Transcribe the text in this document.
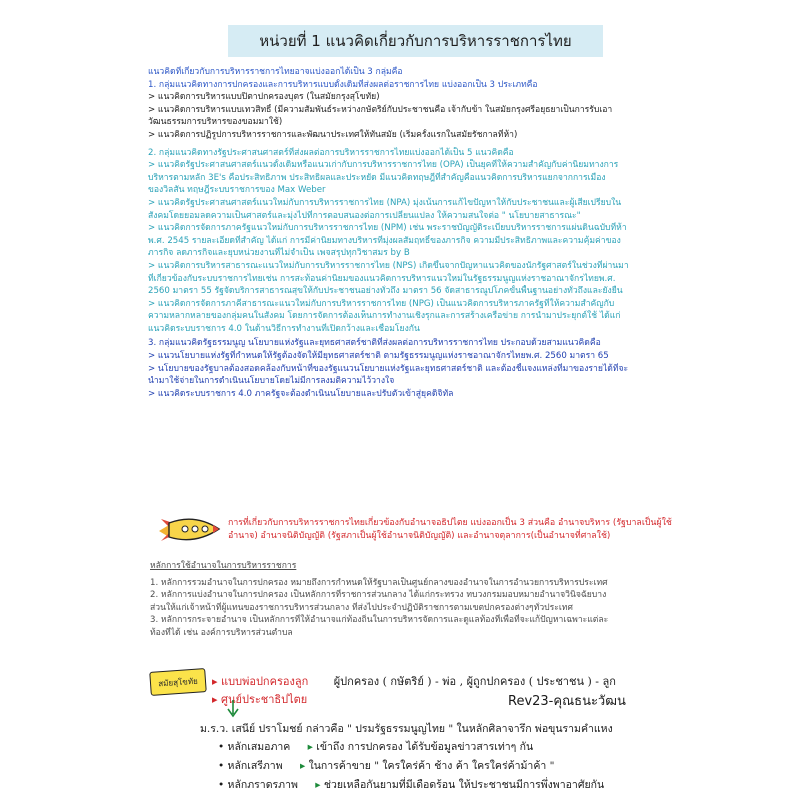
หน่วยที่ 1 แนวคิดเกี่ยวกับการบริหารราชการไทย
แนวคิดที่เกี่ยวกับการบริหารราชการไทยอาจแบ่งออกได้เป็น 3 กลุ่มคือ
1. กลุ่มแนวคิดทางการปกครองและการบริหารแบบดั้งเดิมที่ส่งผลต่อราชการไทย แบ่งออกเป็น 3 ประเภทคือ
> แนวคิดการบริหารแบบปิตาปกครองบุตร (ในสมัยกรุงสุโขทัย)
> แนวคิดการบริหารแบบเทวสิทธิ์ (มีความสัมพันธ์ระหว่างกษัตริย์กับประชาชนคือ เจ้ากับข้า ในสมัยกรุงศรีอยุธยาเป็นการรับเอา
วัฒนธรรมการบริหารของขอมมาใช้)
> แนวคิดการปฏิรูปการบริหารราชการและพัฒนาประเทศให้ทันสมัย (เริ่มครั้งแรกในสมัยรัชกาลที่ห้า)
2. กลุ่มแนวคิดทางรัฐประศาสนศาสตร์ที่ส่งผลต่อการบริหารราชการไทยแบ่งออกได้เป็น 5 แนวคิดคือ
> แนวคิดรัฐประศาสนศาสตร์แนวดั้งเดิมหรือแนวเก่ากับการบริหารราชการไทย (OPA) เป็นยุคที่ให้ความสำคัญกับค่านิยมทางการ
บริหารตามหลัก 3E's คือประสิทธิภาพ ประสิทธิผลและประหยัด มีแนวคิดทฤษฎีที่สำคัญคือแนวคิดการบริหารแยกจากการเมือง
ของวิลสัน ทฤษฎีระบบราชการของ Max Weber
> แนวคิดรัฐประศาสนศาสตร์แนวใหม่กับการบริหารราชการไทย (NPA) มุ่งเน้นการแก้ไขปัญหาให้กับประชาชนและผู้เสียเปรียบใน
สังคมโดยยอมลดความเป็นศาสตร์และมุ่งไปที่การตอบสนองต่อการเปลี่ยนแปลง ให้ความสนใจต่อ " นโยบายสาธารณะ"
> แนวคิดการจัดการภาครัฐแนวใหม่กับการบริหารราชการไทย (NPM) เช่น พระราชบัญญัติระเบียบบริหารราชการแผ่นดินฉบับที่ห้า
พ.ศ. 2545 รายละเอียดที่สำคัญ ได้แก่ การมีค่านิยมทางบริหารที่มุ่งผลสัมฤทธิ์ของภารกิจ ความมีประสิทธิภาพและความคุ้มค่าของ
ภารกิจ ลดภารกิจและยุบหน่วยงานที่ไม่จำเป็น เพจสรุปทุกวิชาสมร by B
> แนวคิดการบริหารสาธารณะแนวใหม่กับการบริหารราชการไทย (NPS) เกิดขึ้นจากปัญหาแนวคิดของนักรัฐศาสตร์ในช่วงที่ผ่านมา
ที่เกี่ยวข้องกับระบบราชการไทยเช่น การสะท้อนค่านิยมของแนวคิดการบริหารแนวใหม่ในรัฐธรรมนูญแห่งราชอาณาจักรไทยพ.ศ.
2560 มาตรา 55 รัฐจัดบริการสาธารณสุขให้กับประชาชนอย่างทั่วถึง มาตรา 56 จัดสาธารณูปโภคขั้นพื้นฐานอย่างทั่วถึงและยังยืน
> แนวคิดการจัดการภาคีสาธารณะแนวใหม่กับการบริหารราชการไทย (NPG) เป็นแนวคิดการบริหารภาครัฐที่ให้ความสำคัญกับ
ความหลากหลายของกลุ่มคนในสังคม โดยการจัดการต้องเห็นการทำงานเชิงรุกและการสร้างเครือข่าย การนำมาประยุกต์ใช้ ได้แก่
แนวคิดระบบราชการ 4.0 ในด้านวิธีการทำงานที่เปิดกว้างและเชื่อมโยงกัน
3. กลุ่มแนวคิดรัฐธรรมนูญ นโยบายแห่งรัฐและยุทธศาสตร์ชาติที่ส่งผลต่อการบริหารราชการไทย ประกอบด้วยสามแนวคิดคือ
> แนวนโยบายแห่งรัฐที่กำหนดให้รัฐต้องจัดให้มียุทธศาสตร์ชาติ ตามรัฐธรรมนูญแห่งราชอาณาจักรไทยพ.ศ. 2560 มาตรา 65
> นโยบายของรัฐบาลต้องสอดคล้องกับหน้าที่ของรัฐแนวนโยบายแห่งรัฐและยุทธศาสตร์ชาติ และต้องชี้แจงแหล่งที่มาของรายได้ที่จะ
นำมาใช้จ่ายในการดำเนินนโยบายโดยไม่มีการลงมติความไว้วางใจ
> แนวคิดระบบราชการ 4.0 ภาครัฐจะต้องดำเนินนโยบายและปรับตัวเข้าสู่ยุคดิจิทัล
การที่เกี่ยวกับการบริหารราชการไทยเกี่ยวข้องกับอำนาจอธิปไตย แบ่งออกเป็น 3 ส่วนคือ อำนาจบริหาร (รัฐบาลเป็นผู้ใช้อำนาจ) อำนาจนิติบัญญัติ (รัฐสภาเป็นผู้ใช้อำนาจนิติบัญญัติ) และอำนาจตุลาการ(เป็นอำนาจที่ศาลใช้)
หลักการใช้อำนาจในการบริหารราชการ
1. หลักการรวมอำนาจในการปกครอง หมายถึงการกำหนดให้รัฐบาลเป็นศูนย์กลางของอำนาจในการอำนวยการบริหารประเทศ
2. หลักการแบ่งอำนาจในการปกครอง เป็นหลักการที่ราชการส่วนกลาง ได้แก่กระทรวง ทบวงกรมมอบหมายอำนาจวินิจฉัยบาง
ส่วนให้แก่เจ้าหน้าที่ผู้แทนของราชการบริหารส่วนกลาง ที่ส่งไปประจำปฏิบัติราชการตามเขตปกครองต่างๆทั่วประเทศ
3. หลักการกระจายอำนาจ เป็นหลักการที่ให้อำนาจแก่ท้องถิ่นในการบริหารจัดการและดูแลท้องที่เพื่อที่จะแก้ปัญหาเฉพาะแต่ละ
ท้องที่ได้ เช่น องค์การบริหารส่วนตำบล
สมัยสุโขทัย ▸ แบบพ่อปกครองลูก ผู้ปกครอง ( กษัตริย์ ) - พ่อ , ผู้ถูกปกครอง ( ประชาชน ) - ลูก
▸ ศูนย์ประชาธิปไตย	Rev23-คุณธนะวัฒน
ม.ร.ว. เสนีย์ ปราโมชย์ กล่าวคือ " ปรมรัฐธรรมนูญไทย " ในหลักศิลาจารึก พ่อขุนรามคำแหง
• หลักเสมอภาค ▸ เข้าถึง การปกครอง ได้รับข้อมูลข่าวสารเท่าๆ กัน
• หลักเสรีภาพ ▸ ในการค้าขาย " ใครใคร่ค้า ช้าง ค้า ใครใคร่ค้าม้าค้า "
• หลักภราดรภาพ ▸ ช่วยเหลือกันยามที่มีเดือดร้อน ให้ประชาชนมีการพึ่งพาอาศัยกัน
